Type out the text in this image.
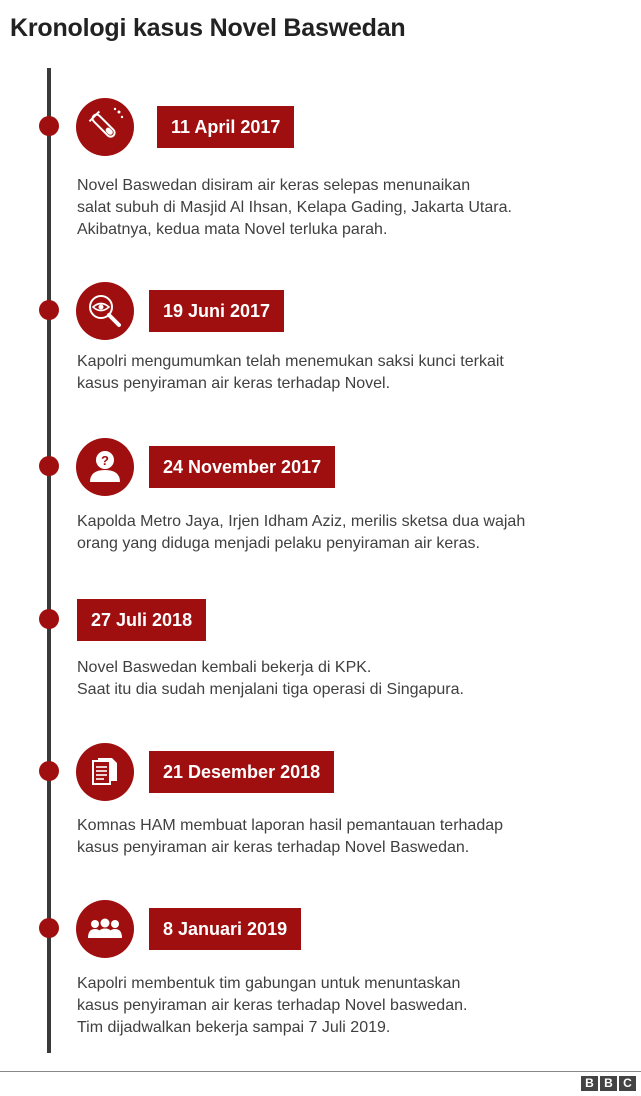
Kronologi kasus Novel Baswedan
11 April 2017
Novel Baswedan disiram air keras selepas menunaikan
salat subuh di Masjid Al Ihsan, Kelapa Gading, Jakarta Utara.
Akibatnya, kedua mata Novel terluka parah.
19 Juni 2017
Kapolri mengumumkan telah menemukan saksi kunci terkait
kasus penyiraman air keras terhadap Novel.
?	24 November 2017
Kapolda Metro Jaya, Irjen Idham Aziz, merilis sketsa dua wajah
orang yang diduga menjadi pelaku penyiraman air keras.
27 Juli 2018
Novel Baswedan kembali bekerja di KPK.
Saat itu dia sudah menjalani tiga operasi di Singapura.
21 Desember 2018
Komnas HAM membuat laporan hasil pemantauan terhadap
kasus penyiraman air keras terhadap Novel Baswedan.
8 Januari 2019
Kapolri membentuk tim gabungan untuk menuntaskan
kasus penyiraman air keras terhadap Novel baswedan.
Tim dijadwalkan bekerja sampai 7 Juli 2019.
B B C
